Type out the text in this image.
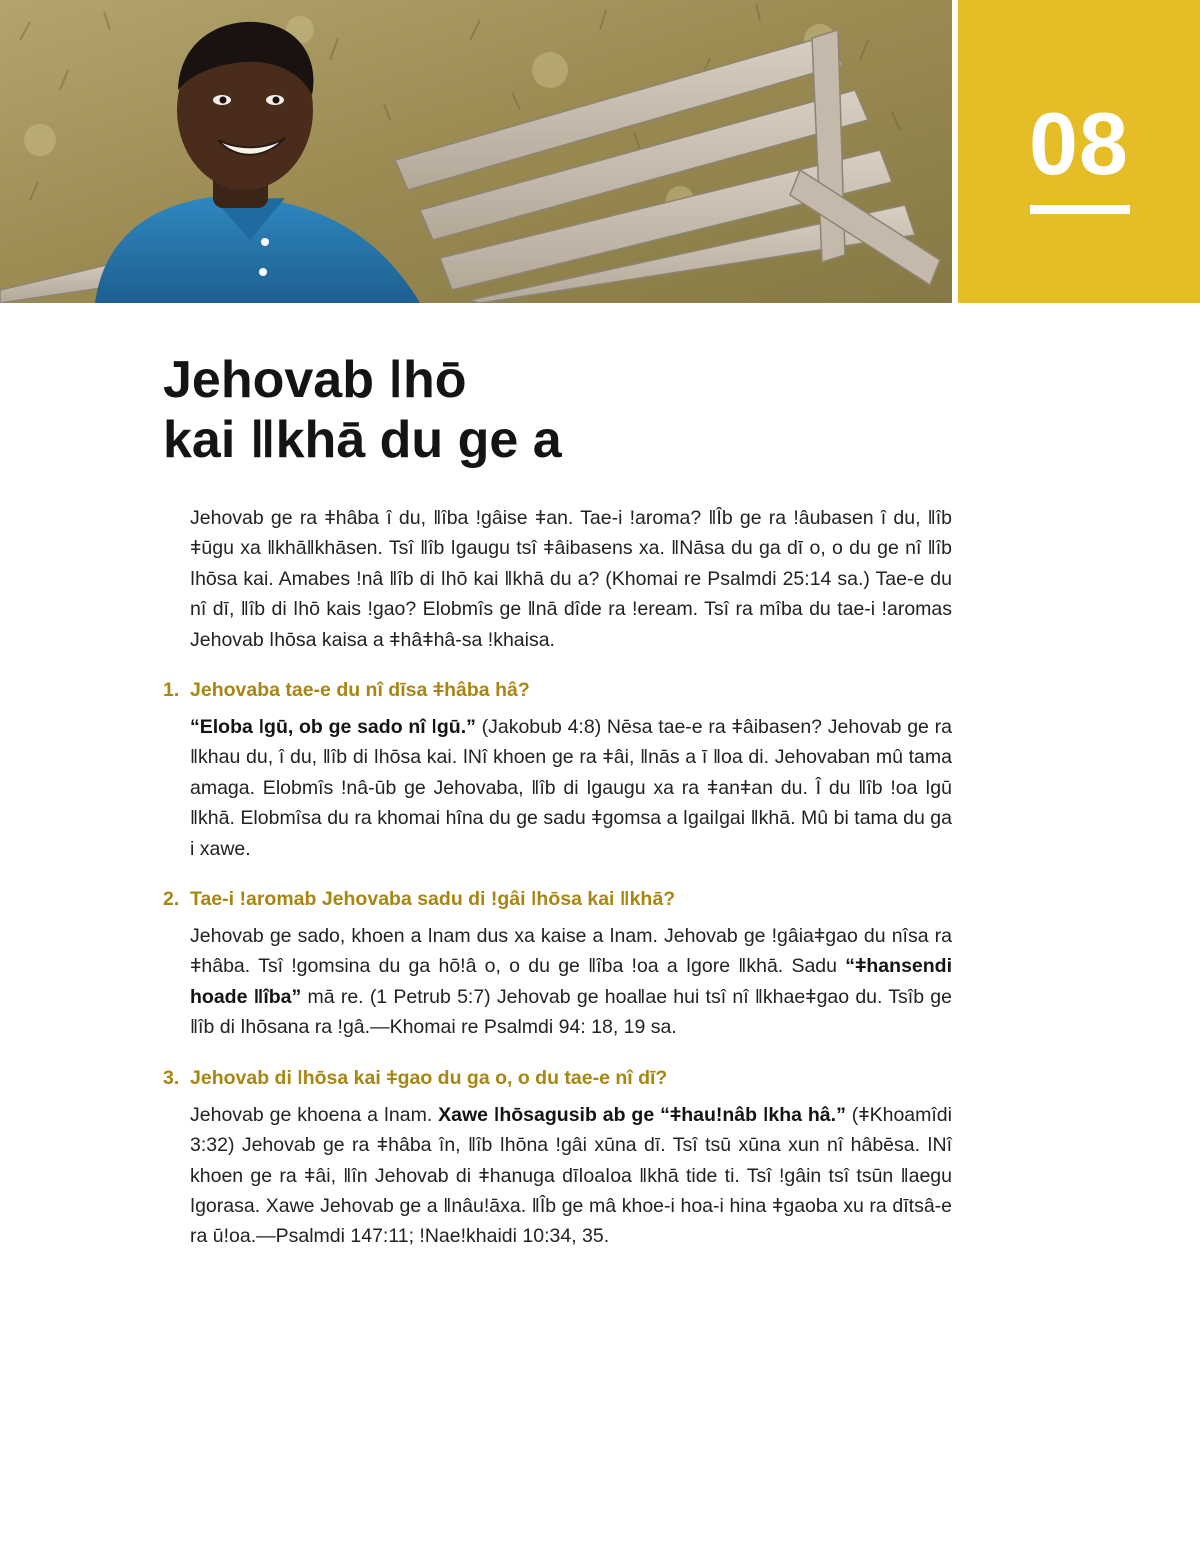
08
Jehovab ǀhō
kai ǁkhā du ge a

Jehovab ge ra ǂhâba î du, ǁîba ǃgâise ǂan. Tae-i ǃaroma? ǁÎb ge ra ǃâubasen î du, ǁîb ǂūgu xa ǁkhāǁkhāsen. Tsî ǁîb ǀgaugu tsî ǂâibasens xa. ǁNāsa du ga dī o, o du ge nî ǁîb ǀhōsa kai. Amabes ǃnâ ǁîb di ǀhō kai ǁkhā du a? (Khomai re Psalmdi 25:14 sa.) Tae-e du nî dī, ǁîb di ǀhō kais ǃgao? Elobmîs ge ǁnā dîde ra ǃeream. Tsî ra mîba du tae-i ǃaromas Jehovab ǀhōsa kaisa a ǂhâǂhâ-sa ǃkhaisa.

1. Jehovaba tae-e du nî dīsa ǂhâba hâ?

“Eloba ǀgū, ob ge sado nî ǀgū.” (Jakobub 4:8) Nēsa tae-e ra ǂâibasen? Jehovab ge ra ǁkhau du, î du, ǁîb di ǀhōsa kai. ǀNî khoen ge ra ǂâi, ǁnās a ī ǁoa di. Jehovaban mû tama amaga. Elobmîs ǃnâ-ūb ge Jehovaba, ǁîb di ǀgaugu xa ra ǂanǂan du. Î du ǁîb ǃoa ǀgū ǁkhā. Elobmîsa du ra khomai hîna du ge sadu ǂgomsa a ǀgaiǀgai ǁkhā. Mû bi tama du ga i xawe.

2. Tae-i ǃaromab Jehovaba sadu di ǃgâi ǀhōsa kai ǁkhā?

Jehovab ge sado, khoen a ǀnam dus xa kaise a ǀnam. Jehovab ge ǃgâiaǂgao du nîsa ra ǂhâba. Tsî ǃgomsina du ga hōǃâ o, o du ge ǁîba ǃoa a ǀgore ǁkhā. Sadu “ǂhansendi hoade ǁîba” mā re. (1 Petrub 5:7) Jehovab ge hoaǁae hui tsî nî ǁkhaeǂgao du. Tsîb ge ǁîb di ǀhōsana ra ǃgâ.—Khomai re Psalmdi 94: 18, 19 sa.

3. Jehovab di ǀhōsa kai ǂgao du ga o, o du tae-e nî dī?

Jehovab ge khoena a ǀnam. Xawe ǀhōsagusib ab ge “ǂhauǃnâb ǀkha hâ.” (ǂKhoamîdi 3:32) Jehovab ge ra ǂhâba în, ǁîb ǀhōna ǃgâi xūna dī. Tsî tsū xūna xun nî hâbēsa. ǀNî khoen ge ra ǂâi, ǁîn Jehovab di ǂhanuga dīǀoaǀoa ǁkhā tide ti. Tsî ǃgâin tsî tsūn ǁaegu ǀgorasa. Xawe Jehovab ge a ǁnâuǃāxa. ǁÎb ge mâ khoe-i hoa-i hina ǂgaoba xu ra dītsâ-e ra ūǃoa.—Psalmdi 147:11; ǃNaeǃkhaidi 10:34, 35.
